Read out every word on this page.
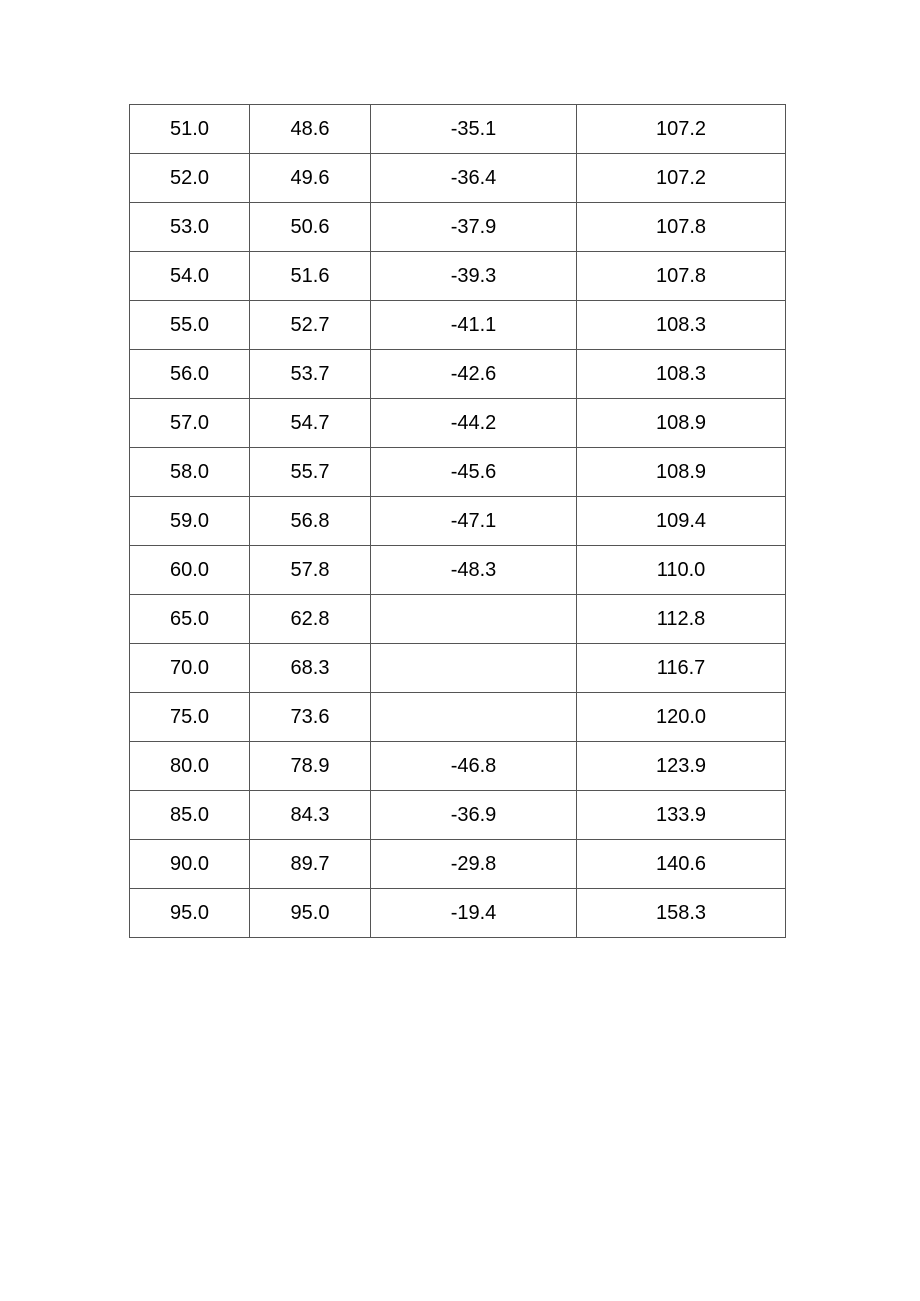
51.0	48.6	-35.1	107.2
52.0	49.6	-36.4	107.2
53.0	50.6	-37.9	107.8
54.0	51.6	-39.3	107.8
55.0	52.7	-41.1	108.3
56.0	53.7	-42.6	108.3
57.0	54.7	-44.2	108.9
58.0	55.7	-45.6	108.9
59.0	56.8	-47.1	109.4
60.0	57.8	-48.3	110.0
65.0	62.8		112.8
70.0	68.3		116.7
75.0	73.6		120.0
80.0	78.9	-46.8	123.9
85.0	84.3	-36.9	133.9
90.0	89.7	-29.8	140.6
95.0	95.0	-19.4	158.3
